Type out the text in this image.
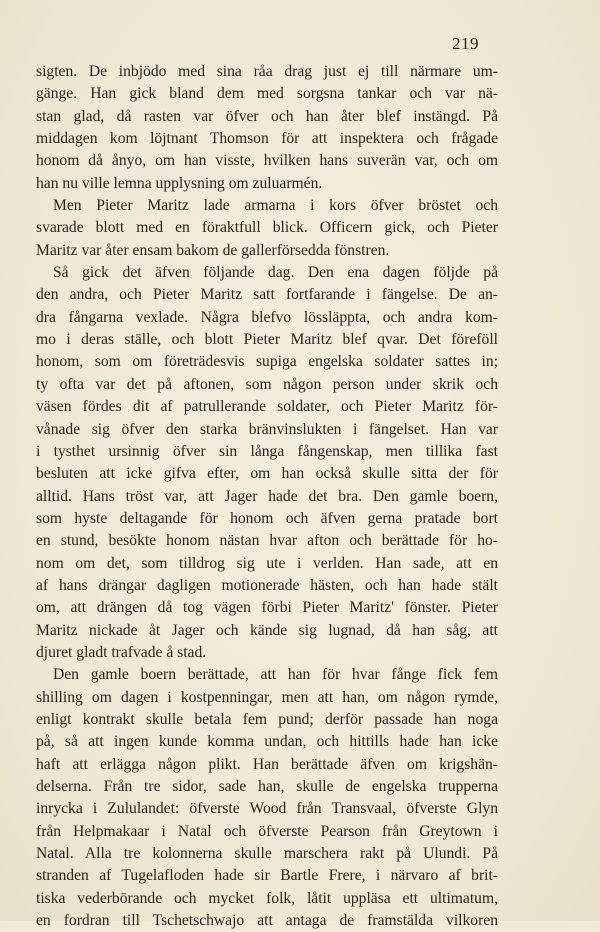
219
sigten. De inbjödo med sina råa drag just ej till närmare um-
gänge. Han gick bland dem med sorgsna tankar och var nä-
stan glad, då rasten var öfver och han åter blef instängd. På
middagen kom löjtnant Thomson för att inspektera och frågade
honom då ånyo, om han visste, hvilken hans suverän var, och om
han nu ville lemna upplysning om zuluarmén.
Men Pieter Maritz lade armarna i kors öfver bröstet och
svarade blott med en föraktfull blick. Officern gick, och Pieter
Maritz var åter ensam bakom de gallerförsedda fönstren.
Så gick det äfven följande dag. Den ena dagen följde på
den andra, och Pieter Maritz satt fortfarande i fängelse. De an-
dra fångarna vexlade. Några blefvo lössläppta, och andra kom-
mo i deras ställe, och blott Pieter Maritz blef qvar. Det föreföll
honom, som om företrädesvis supiga engelska soldater sattes in;
ty ofta var det på aftonen, som någon person under skrik och
väsen fördes dit af patrullerande soldater, och Pieter Maritz för-
vånade sig öfver den starka bränvinslukten i fängelset. Han var
i tysthet ursinnig öfver sin långa fångenskap, men tillika fast
besluten att icke gifva efter, om han också skulle sitta der för
alltid. Hans tröst var, att Jager hade det bra. Den gamle boern,
som hyste deltagande för honom och äfven gerna pratade bort
en stund, besökte honom nästan hvar afton och berättade för ho-
nom om det, som tilldrog sig ute i verlden. Han sade, att en
af hans drängar dagligen motionerade hästen, och han hade stält
om, att drängen då tog vägen förbi Pieter Maritz' fönster. Pieter
Maritz nickade åt Jager och kände sig lugnad, då han såg, att
djuret gladt trafvade å stad.
Den gamle boern berättade, att han för hvar fånge fick fem
shilling om dagen i kostpenningar, men att han, om någon rymde,
enligt kontrakt skulle betala fem pund; derför passade han noga
på, så att ingen kunde komma undan, och hittills hade han icke
haft att erlägga någon plikt. Han berättade äfven om krigshän-
delserna. Från tre sidor, sade han, skulle de engelska trupperna
inrycka i Zululandet: öfverste Wood från Transvaal, öfverste Glyn
från Helpmakaar i Natal och öfverste Pearson från Greytown i
Natal. Alla tre kolonnerna skulle marschera rakt på Ulundi. På
stranden af Tugelafloden hade sir Bartle Frere, i närvaro af brit-
tiska vederbörande och mycket folk, låtit uppläsa ett ultimatum,
en fordran till Tschetschwajo att antaga de framstälda vilkoren
